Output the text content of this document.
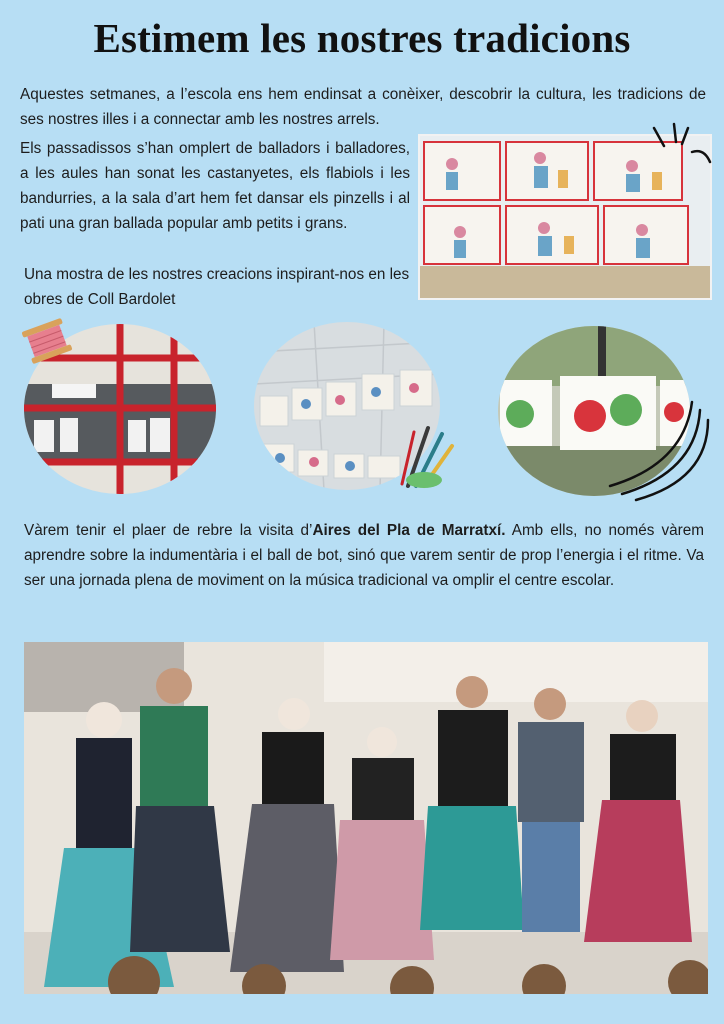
Estimem les nostres tradicions

Aquestes setmanes, a l’escola ens hem endinsat a conèixer, descobrir la cultura, les tradicions de ses nostres illes i a connectar amb les nostres arrels.

Els passadissos s’han omplert de balladors i balladores, a les aules han sonat les castanyetes, els flabiols i les bandurries, a la sala d’art hem fet dansar els pinzells i al pati una gran ballada popular amb petits i grans.

Una mostra de les nostres creacions inspirant-nos en les obres de Coll Bardolet

Vàrem tenir el plaer de rebre la visita d’Aires del Pla de Marratxí. Amb ells, no només vàrem aprendre sobre la indumentària i el ball de bot, sinó que varem sentir de prop l’energia i el ritme. Va ser una jornada plena de moviment on la música tradicional va omplir el centre escolar.
